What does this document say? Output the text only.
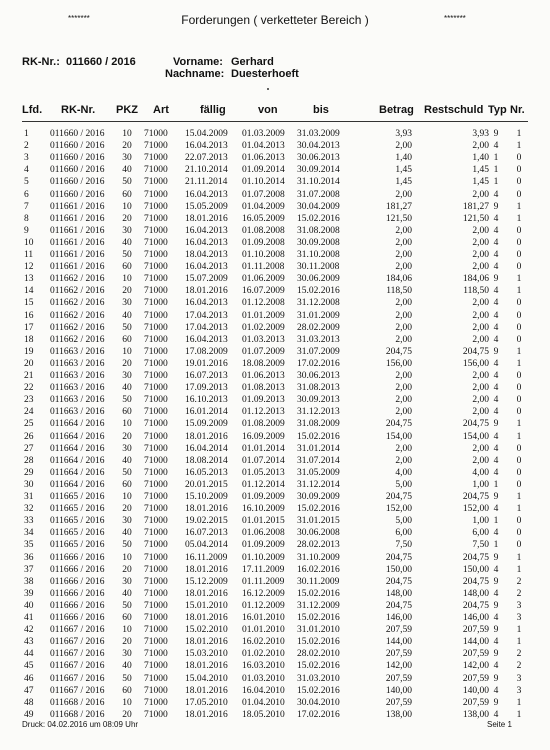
*******	Forderungen ( verketteter Bereich )	*******
RK-Nr.: 011660 / 2016	Vorname: Gerhard
Nachname: Duesterhoeft
Lfd. RK-Nr. PKZ Art	fällig	von	bis	Betrag Restschuld Typ Nr.
1 011660 / 2016 10 71000 15.04.2009 01.03.2009 31.03.2009	3,93	3,93 9 1
2 011660 / 2016 20 71000 16.04.2013 01.04.2013 30.04.2013	2,00	2,00 4 1
3 011660 / 2016 30 71000 22.07.2013 01.06.2013 30.06.2013	1,40	1,40 1 0
4 011660 / 2016 40 71000 21.10.2014 01.09.2014 30.09.2014	1,45	1,45 1 0
5 011660 / 2016 50 71000 21.11.2014 01.10.2014 31.10.2014	1,45	1,45 1 0
6 011660 / 2016 60 71000 16.04.2013 01.07.2008 31.07.2008	2,00	2,00 4 0
7 011661 / 2016 10 71000 15.05.2009 01.04.2009 30.04.2009	181,27	181,27 9 1
8 011661 / 2016 20 71000 18.01.2016 16.05.2009 15.02.2016	121,50	121,50 4 1
9 011661 / 2016 30 71000 16.04.2013 01.08.2008 31.08.2008	2,00	2,00 4 0
10 011661 / 2016 40 71000 16.04.2013 01.09.2008 30.09.2008	2,00	2,00 4 0
11 011661 / 2016 50 71000 18.04.2013 01.10.2008 31.10.2008	2,00	2,00 4 0
12 011661 / 2016 60 71000 16.04.2013 01.11.2008 30.11.2008	2,00	2,00 4 0
13 011662 / 2016 10 71000 15.07.2009 01.06.2009 30.06.2009	184,06	184,06 9 1
14 011662 / 2016 20 71000 18.01.2016 16.07.2009 15.02.2016	118,50	118,50 4 1
15 011662 / 2016 30 71000 16.04.2013 01.12.2008 31.12.2008	2,00	2,00 4 0
16 011662 / 2016 40 71000 17.04.2013 01.01.2009 31.01.2009	2,00	2,00 4 0
17 011662 / 2016 50 71000 17.04.2013 01.02.2009 28.02.2009	2,00	2,00 4 0
18 011662 / 2016 60 71000 16.04.2013 01.03.2013 31.03.2013	2,00	2,00 4 0
19 011663 / 2016 10 71000 17.08.2009 01.07.2009 31.07.2009	204,75	204,75 9 1
20 011663 / 2016 20 71000 19.01.2016 18.08.2009 17.02.2016	156,00	156,00 4 1
21 011663 / 2016 30 71000 16.07.2013 01.06.2013 30.06.2013	2,00	2,00 4 0
22 011663 / 2016 40 71000 17.09.2013 01.08.2013 31.08.2013	2,00	2,00 4 0
23 011663 / 2016 50 71000 16.10.2013 01.09.2013 30.09.2013	2,00	2,00 4 0
24 011663 / 2016 60 71000 16.01.2014 01.12.2013 31.12.2013	2,00	2,00 4 0
25 011664 / 2016 10 71000 15.09.2009 01.08.2009 31.08.2009	204,75	204,75 9 1
26 011664 / 2016 20 71000 18.01.2016 16.09.2009 15.02.2016	154,00	154,00 4 1
27 011664 / 2016 30 71000 16.04.2014 01.01.2014 31.01.2014	2,00	2,00 4 0
28 011664 / 2016 40 71000 18.08.2014 01.07.2014 31.07.2014	2,00	2,00 4 0
29 011664 / 2016 50 71000 16.05.2013 01.05.2013 31.05.2009	4,00	4,00 4 0
30 011664 / 2016 60 71000 20.01.2015 01.12.2014 31.12.2014	5,00	1,00 1 0
31 011665 / 2016 10 71000 15.10.2009 01.09.2009 30.09.2009	204,75	204,75 9 1
32 011665 / 2016 20 71000 18.01.2016 16.10.2009 15.02.2016	152,00	152,00 4 1
33 011665 / 2016 30 71000 19.02.2015 01.01.2015 31.01.2015	5,00	1,00 1 0
34 011665 / 2016 40 71000 16.07.2013 01.06.2008 30.06.2008	6,00	6,00 4 0
35 011665 / 2016 50 71000 05.04.2014 01.09.2009 28.02.2013	7,50	7,50 1 0
36 011666 / 2016 10 71000 16.11.2009 01.10.2009 31.10.2009	204,75	204,75 9 1
37 011666 / 2016 20 71000 18.01.2016 17.11.2009 16.02.2016	150,00	150,00 4 1
38 011666 / 2016 30 71000 15.12.2009 01.11.2009 30.11.2009	204,75	204,75 9 2
39 011666 / 2016 40 71000 18.01.2016 16.12.2009 15.02.2016	148,00	148,00 4 2
40 011666 / 2016 50 71000 15.01.2010 01.12.2009 31.12.2009	204,75	204,75 9 3
41 011666 / 2016 60 71000 18.01.2016 16.01.2010 15.02.2016	146,00	146,00 4 3
42 011667 / 2016 10 71000 15.02.2010 01.01.2010 31.01.2010	207,59	207,59 9 1
43 011667 / 2016 20 71000 18.01.2016 16.02.2010 15.02.2016	144,00	144,00 4 1
44 011667 / 2016 30 71000 15.03.2010 01.02.2010 28.02.2010	207,59	207,59 9 2
45 011667 / 2016 40 71000 18.01.2016 16.03.2010 15.02.2016	142,00	142,00 4 2
46 011667 / 2016 50 71000 15.04.2010 01.03.2010 31.03.2010	207,59	207,59 9 3
47 011667 / 2016 60 71000 18.01.2016 16.04.2010 15.02.2016	140,00	140,00 4 3
48 011668 / 2016 10 71000 17.05.2010 01.04.2010 30.04.2010	207,59	207,59 9 1
49 011668 / 2016 20 71000 18.01.2016 18.05.2010 17.02.2016	138,00	138,00 4 1
Druck: 04.02.2016 um 08:09 Uhr	Seite 1
